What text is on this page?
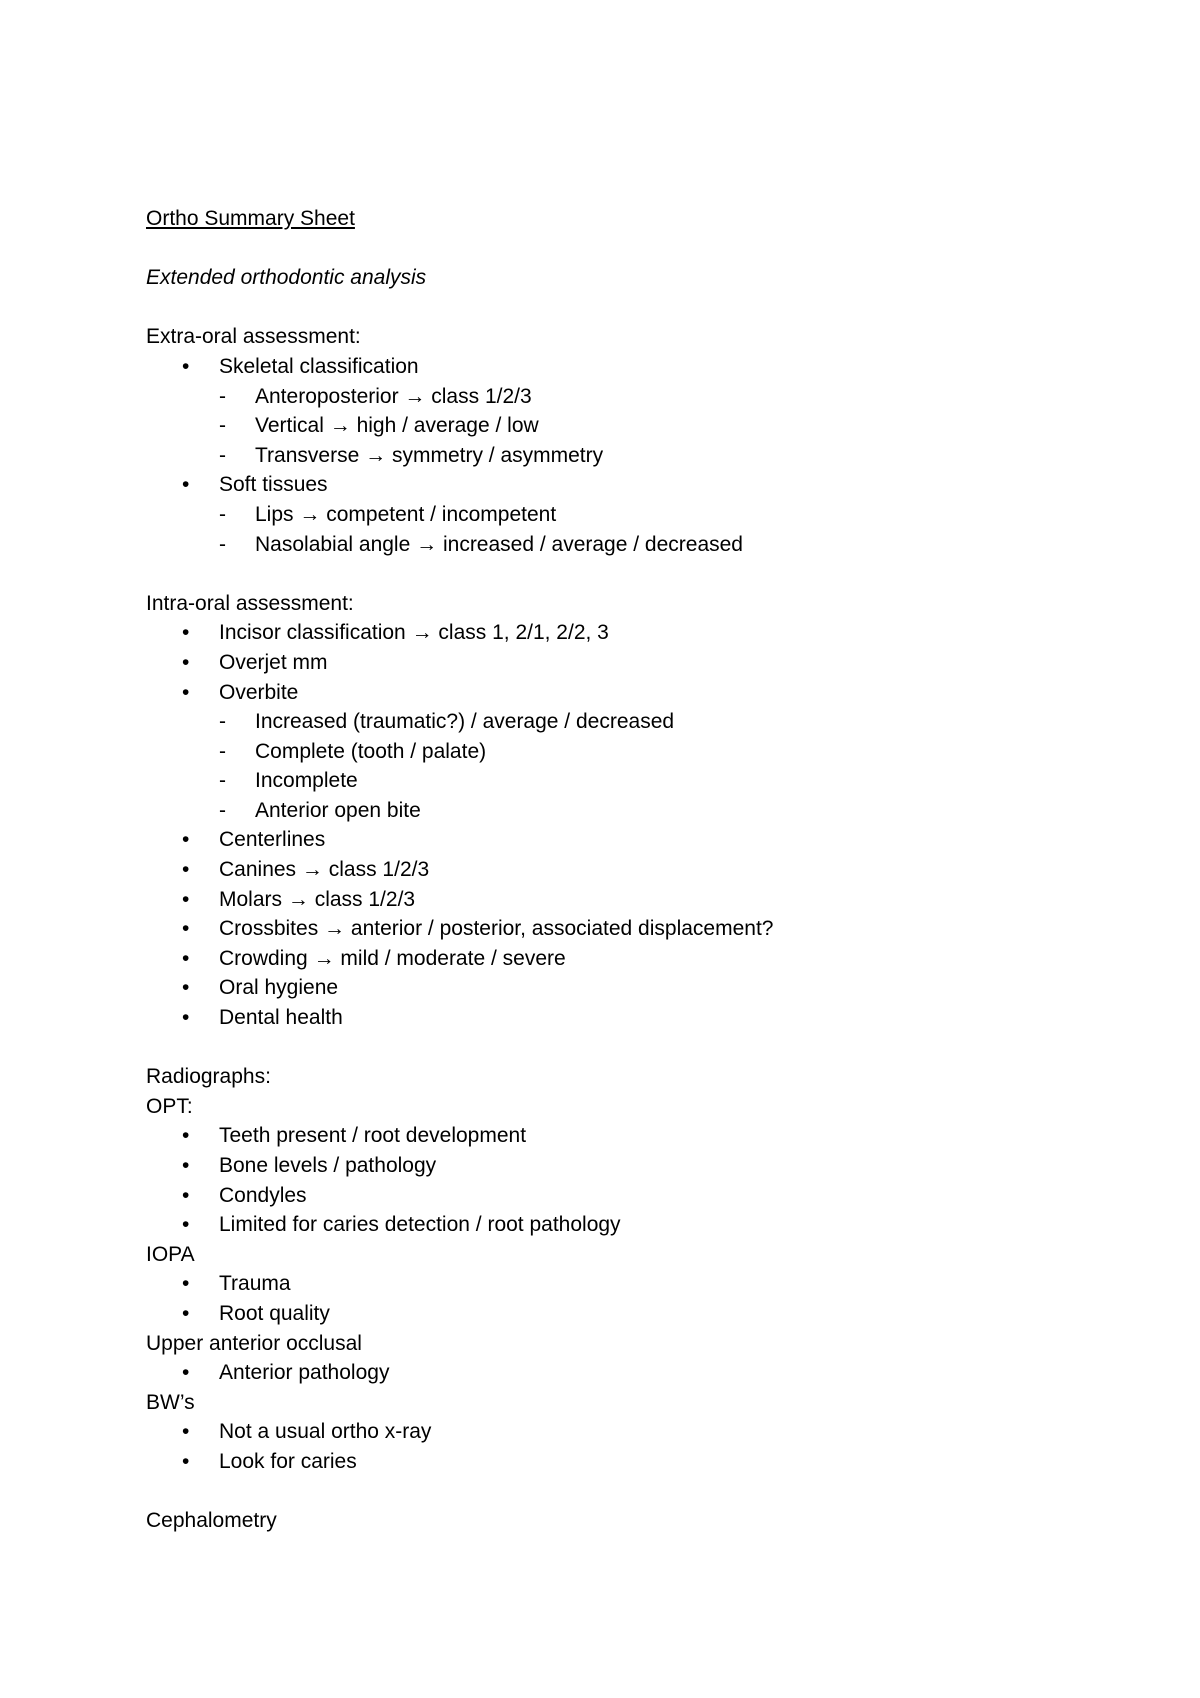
Ortho Summary Sheet
Extended orthodontic analysis
Extra-oral assessment:
• Skeletal classification
- Anteroposterior → class 1/2/3
- Vertical → high / average / low
- Transverse → symmetry / asymmetry
• Soft tissues
- Lips → competent / incompetent
- Nasolabial angle → increased / average / decreased
Intra-oral assessment:
• Incisor classification → class 1, 2/1, 2/2, 3
• Overjet mm
• Overbite
- Increased (traumatic?) / average / decreased
- Complete (tooth / palate)
- Incomplete
- Anterior open bite
• Centerlines
• Canines → class 1/2/3
• Molars → class 1/2/3
• Crossbites → anterior / posterior, associated displacement?
• Crowding → mild / moderate / severe
• Oral hygiene
• Dental health
Radiographs:
OPT:
• Teeth present / root development
• Bone levels / pathology
• Condyles
• Limited for caries detection / root pathology
IOPA
• Trauma
• Root quality
Upper anterior occlusal
• Anterior pathology
BW’s
• Not a usual ortho x-ray
• Look for caries
Cephalometry
